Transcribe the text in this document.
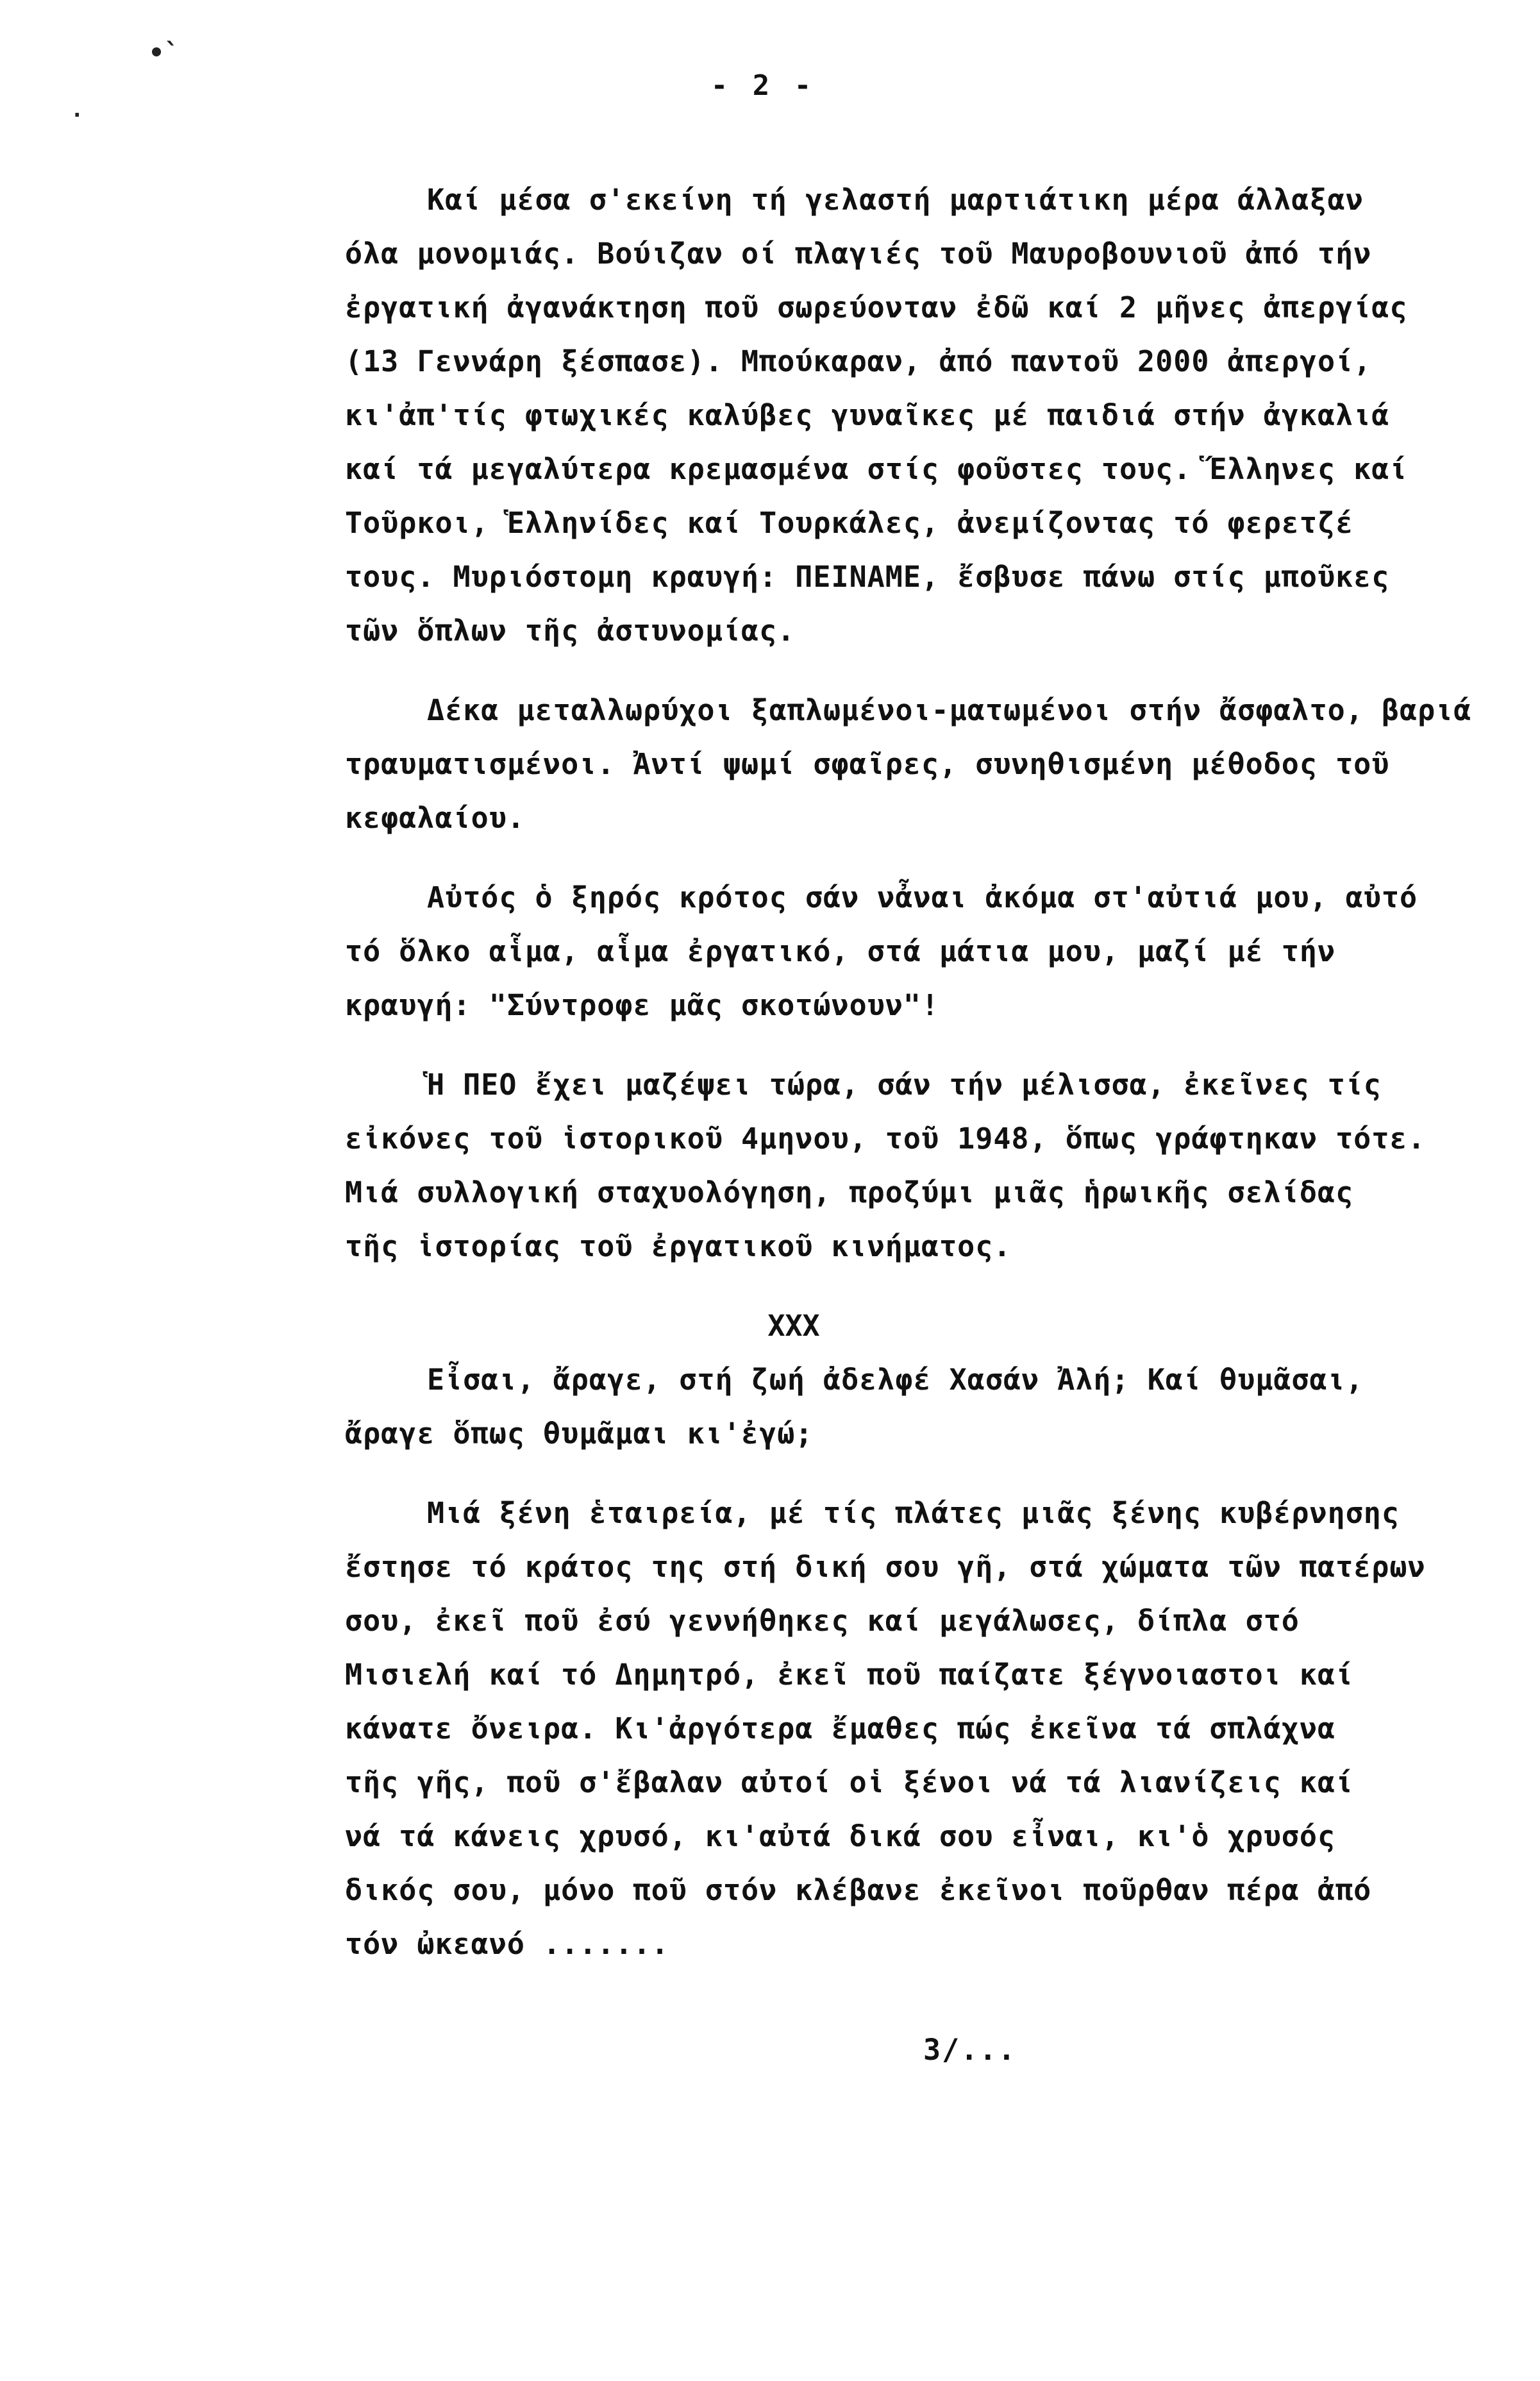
•̀
·
- 2 -
Καί μέσα σ'εκείνη τή γελαστή μαρτιάτικη μέρα άλλαξαν
όλα μονομιάς. Βούιζαν οί πλαγιές τοῦ Μαυροβουνιοῦ ἀπό τήν
ἐργατική ἀγανάκτηση ποῦ σωρεύονταν ἐδῶ καί 2 μῆνες ἀπεργίας
(13 Γεννάρη ξέσπασε). Μπούκαραν, ἀπό παντοῦ 2000 ἀπεργοί,
κι'ἀπ'τίς φτωχικές καλύβες γυναῖκες μέ παιδιά στήν ἀγκαλιά
καί τά μεγαλύτερα κρεμασμένα στίς φοῦστες τους. Ἕλληνες καί
Τοῦρκοι, Ἑλληνίδες καί Τουρκάλες, ἀνεμίζοντας τό φερετζέ
τους. Μυριόστομη κραυγή: ΠΕΙΝΑΜΕ, ἔσβυσε πάνω στίς μποῦκες
τῶν ὅπλων τῆς ἀστυνομίας.
Δέκα μεταλλωρύχοι ξαπλωμένοι-ματωμένοι στήν ἄσφαλτο, βαριά
τραυματισμένοι. Ἀντί ψωμί σφαῖρες, συνηθισμένη μέθοδος τοῦ
κεφαλαίου.
Αὐτός ὁ ξηρός κρότος σάν νἆναι ἀκόμα στ'αὐτιά μου, αὐτό
τό ὅλκο αἷμα, αἷμα ἐργατικό, στά μάτια μου, μαζί μέ τήν
κραυγή: "Σύντροφε μᾶς σκοτώνουν"!
Ἡ ΠΕΟ ἔχει μαζέψει τώρα, σάν τήν μέλισσα, ἐκεῖνες τίς
εἰκόνες τοῦ ἱστορικοῦ 4μηνου, τοῦ 1948, ὅπως γράφτηκαν τότε.
Μιά συλλογική σταχυολόγηση, προζύμι μιᾶς ἡρωικῆς σελίδας
τῆς ἱστορίας τοῦ ἐργατικοῦ κινήματος.
XXX
Εἶσαι, ἄραγε, στή ζωή ἀδελφέ Χασάν Ἀλή; Καί θυμᾶσαι,
ἄραγε ὅπως θυμᾶμαι κι'ἐγώ;
Μιά ξένη ἑταιρεία, μέ τίς πλάτες μιᾶς ξένης κυβέρνησης
ἔστησε τό κράτος της στή δική σου γῆ, στά χώματα τῶν πατέρων
σου, ἐκεῖ ποῦ ἐσύ γεννήθηκες καί μεγάλωσες, δίπλα στό
Μισιελή καί τό Δημητρό, ἐκεῖ ποῦ παίζατε ξέγνοιαστοι καί
κάνατε ὄνειρα. Κι'ἀργότερα ἔμαθες πώς ἐκεῖνα τά σπλάχνα
τῆς γῆς, ποῦ σ'ἔβαλαν αὐτοί οἱ ξένοι νά τά λιανίζεις καί
νά τά κάνεις χρυσό, κι'αὐτά δικά σου εἶναι, κι'ὁ χρυσός
δικός σου, μόνο ποῦ στόν κλέβανε ἐκεῖνοι ποῦρθαν πέρα ἀπό
τόν ὠκεανό .......
3/...
